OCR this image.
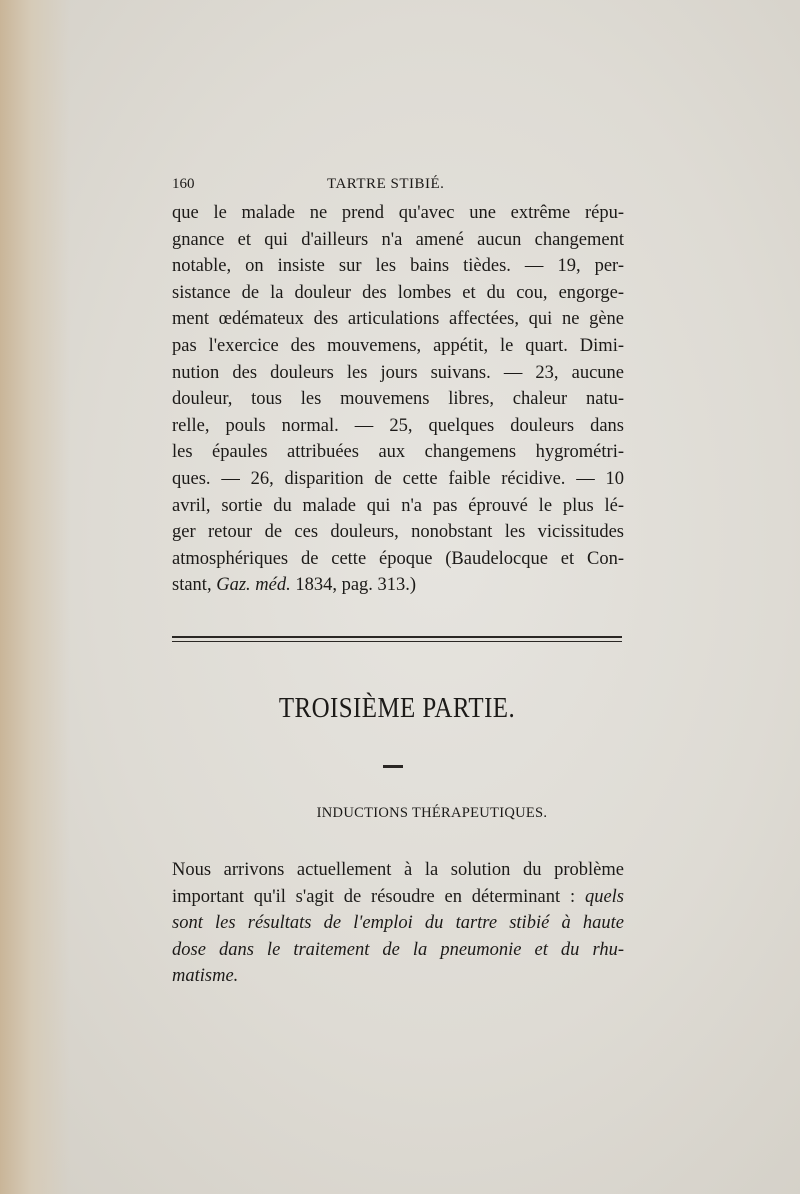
160	TARTRE STIBIÉ.
que le malade ne prend qu'avec une extrême répu-
gnance et qui d'ailleurs n'a amené aucun changement
notable, on insiste sur les bains tièdes. — 19, per-
sistance de la douleur des lombes et du cou, engorge-
ment œdémateux des articulations affectées, qui ne gène
pas l'exercice des mouvemens, appétit, le quart. Dimi-
nution des douleurs les jours suivans. — 23, aucune
douleur, tous les mouvemens libres, chaleur natu-
relle, pouls normal. — 25, quelques douleurs dans
les épaules attribuées aux changemens hygrométri-
ques. — 26, disparition de cette faible récidive. — 10
avril, sortie du malade qui n'a pas éprouvé le plus lé-
ger retour de ces douleurs, nonobstant les vicissitudes
atmosphériques de cette époque (Baudelocque et Con-
stant, Gaz. méd. 1834, pag. 313.)
TROISIÈME PARTIE.
INDUCTIONS THÉRAPEUTIQUES.
Nous arrivons actuellement à la solution du problème
important qu'il s'agit de résoudre en déterminant : quels
sont les résultats de l'emploi du tartre stibié à haute
dose dans le traitement de la pneumonie et du rhu-
matisme.
